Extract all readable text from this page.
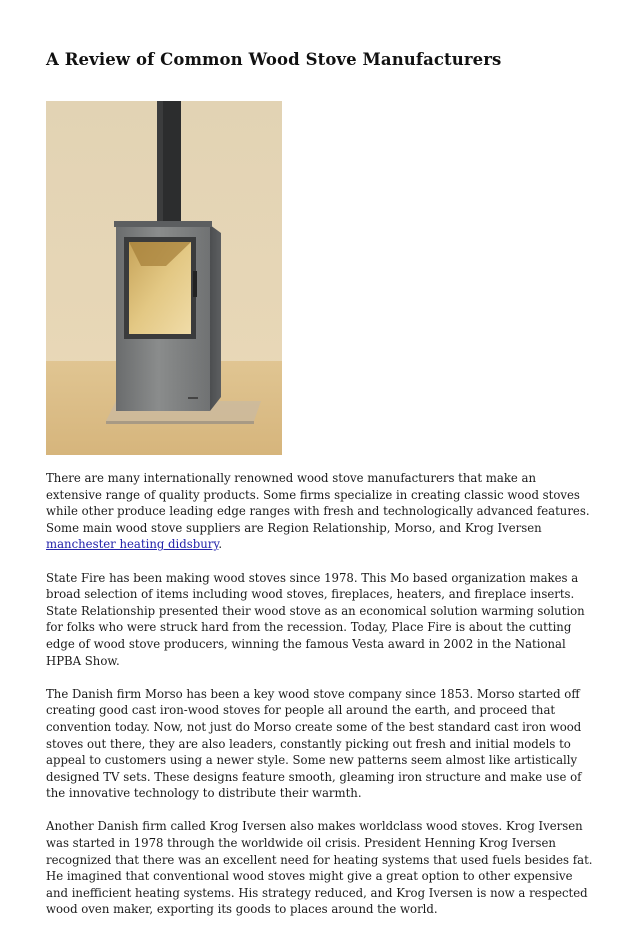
A Review of Common Wood Stove Manufacturers

There are many internationally renowned wood stove manufacturers that make an extensive range of quality products. Some firms specialize in creating classic wood stoves while other produce leading edge ranges with fresh and technologically advanced features. Some main wood stove suppliers are Region Relationship, Morso, and Krog Iversen manchester heating didsbury.

State Fire has been making wood stoves since 1978. This Mo based organization makes a broad selection of items including wood stoves, fireplaces, heaters, and fireplace inserts. State Relationship presented their wood stove as an economical solution warming solution for folks who were struck hard from the recession. Today, Place Fire is about the cutting edge of wood stove producers, winning the famous Vesta award in 2002 in the National HPBA Show.

The Danish firm Morso has been a key wood stove company since 1853. Morso started off creating good cast iron-wood stoves for people all around the earth, and proceed that convention today. Now, not just do Morso create some of the best standard cast iron wood stoves out there, they are also leaders, constantly picking out fresh and initial models to appeal to customers using a newer style. Some new patterns seem almost like artistically designed TV sets. These designs feature smooth, gleaming iron structure and make use of the innovative technology to distribute their warmth.

Another Danish firm called Krog Iversen also makes worldclass wood stoves. Krog Iversen was started in 1978 through the worldwide oil crisis. President Henning Krog Iversen recognized that there was an excellent need for heating systems that used fuels besides fat. He imagined that conventional wood stoves might give a great option to other expensive and inefficient heating systems. His strategy reduced, and Krog Iversen is now a respected wood oven maker, exporting its goods to places around the world.
